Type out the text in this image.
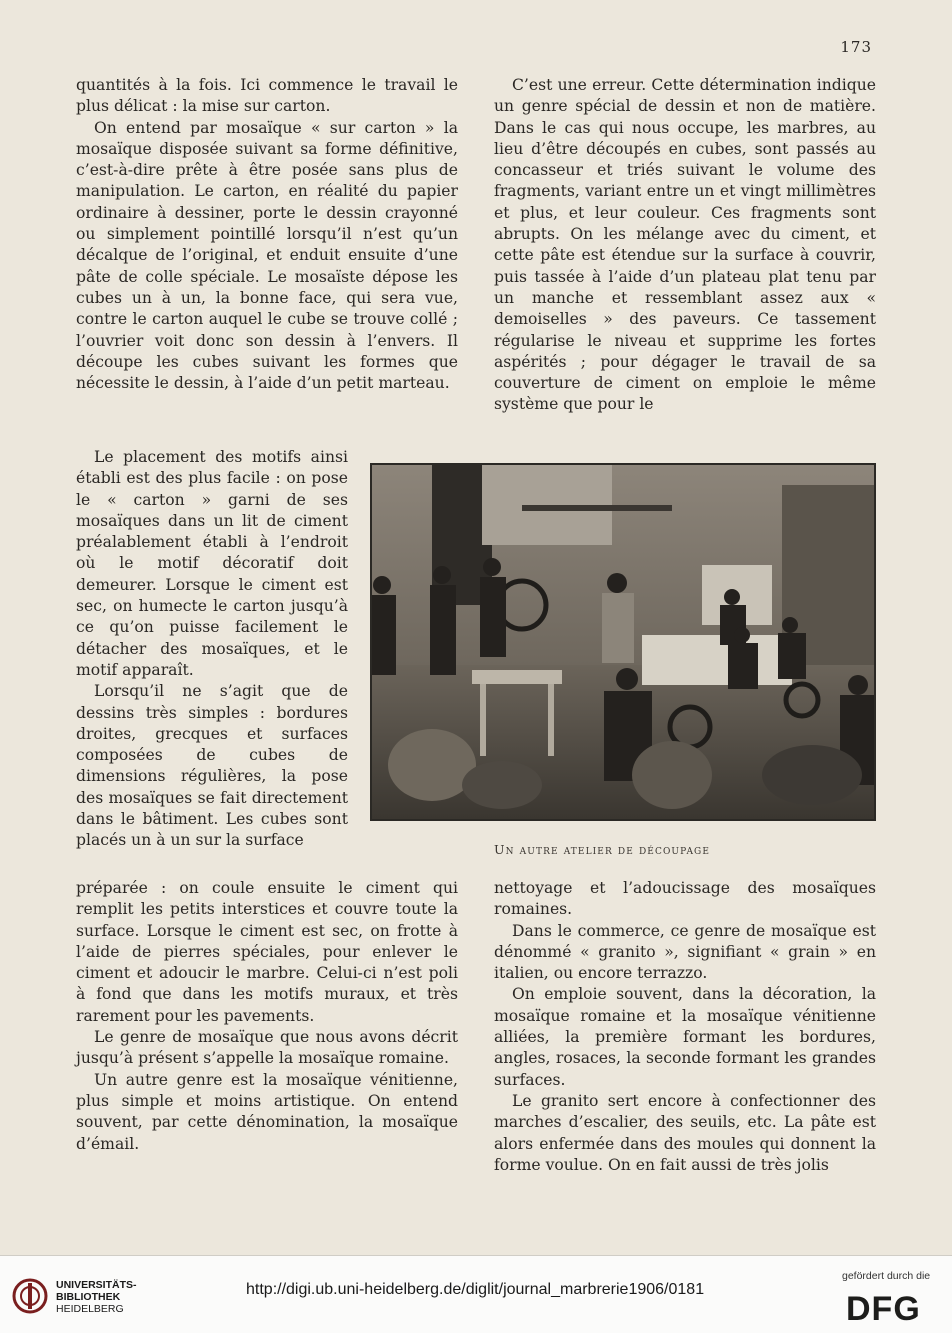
173

quantités à la fois. Ici commence le travail le plus délicat : la mise sur carton.

On entend par mosaïque « sur carton » la mosaïque disposée suivant sa forme définitive, c’est-à-dire prête à être posée sans plus de manipulation. Le carton, en réalité du papier ordinaire à dessiner, porte le dessin crayonné ou simplement pointillé lorsqu’il n’est qu’un décalque de l’original, et enduit ensuite d’une pâte de colle spéciale. Le mosaïste dépose les cubes un à un, la bonne face, qui sera vue, contre le carton auquel le cube se trouve collé ; l’ouvrier voit donc son dessin à l’envers. Il découpe les cubes suivant les formes que nécessite le dessin, à l’aide d’un petit marteau.

Le placement des motifs ainsi établi est des plus facile : on pose le « carton » garni de ses mosaïques dans un lit de ciment préalablement établi à l’endroit où le motif décoratif doit demeurer. Lorsque le ciment est sec, on humecte le carton jusqu’à ce qu’on puisse facilement le détacher des mosaïques, et le motif apparaît.

Lorsqu’il ne s’agit que de dessins très simples : bordures droites, grecques et surfaces composées de cubes de dimensions régulières, la pose des mosaïques se fait directement dans le bâtiment. Les cubes sont placés un à un sur la surface

préparée : on coule ensuite le ciment qui remplit les petits interstices et couvre toute la surface. Lorsque le ciment est sec, on frotte à l’aide de pierres spéciales, pour enlever le ciment et adoucir le marbre. Celui-ci n’est poli à fond que dans les motifs muraux, et très rarement pour les pavements.

Le genre de mosaïque que nous avons décrit jusqu’à présent s’appelle la mosaïque romaine.

Un autre genre est la mosaïque vénitienne, plus simple et moins artistique. On entend souvent, par cette dénomination, la mosaïque d’émail.

C’est une erreur. Cette détermination indique un genre spécial de dessin et non de matière. Dans le cas qui nous occupe, les marbres, au lieu d’être découpés en cubes, sont passés au concasseur et triés suivant le volume des fragments, variant entre un et vingt millimètres et plus, et leur couleur. Ces fragments sont abrupts. On les mélange avec du ciment, et cette pâte est étendue sur la surface à couvrir, puis tassée à l’aide d’un plateau plat tenu par un manche et ressemblant assez aux « demoiselles » des paveurs. Ce tassement régularise le niveau et supprime les fortes aspérités ; pour dégager le travail de sa couverture de ciment on emploie le même système que pour le

Un autre atelier de découpage

nettoyage et l’adoucissage des mosaïques romaines.

Dans le commerce, ce genre de mosaïque est dénommé « granito », signifiant « grain » en italien, ou encore terrazzo.

On emploie souvent, dans la décoration, la mosaïque romaine et la mosaïque vénitienne alliées, la première formant les bordures, angles, rosaces, la seconde formant les grandes surfaces.

Le granito sert encore à confectionner des marches d’escalier, des seuils, etc. La pâte est alors enfermée dans des moules qui donnent la forme voulue. On en fait aussi de très jolis

UNIVERSITÄTS-
BIBLIOTHEK
HEIDELBERG
http://digi.ub.uni-heidelberg.de/diglit/journal_marbrerie1906/0181
gefördert durch die
DFG
